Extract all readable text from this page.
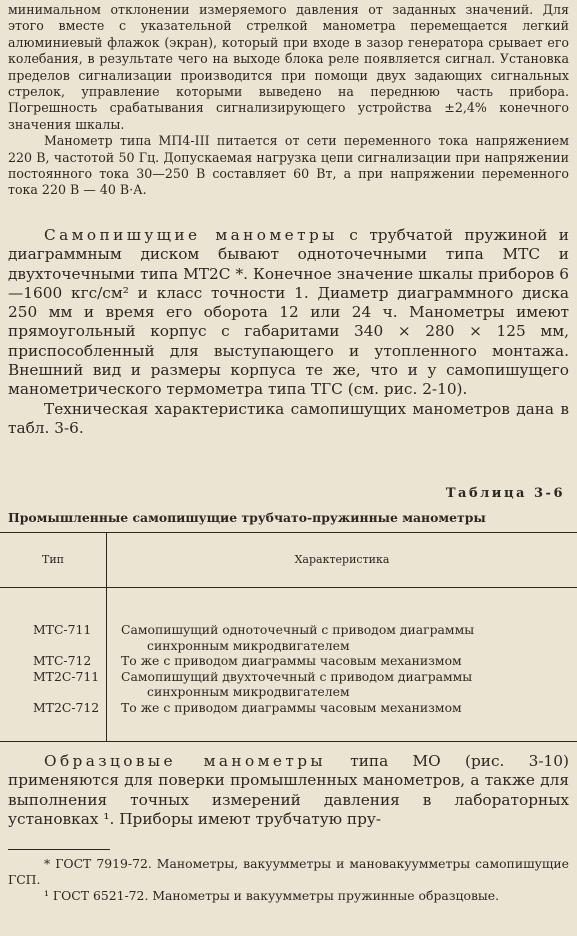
минимальном отклонении измеряемого давления от заданных значений. Для этого вместе с указательной стрелкой манометра перемещается легкий алюминиевый флажок (экран), который при входе в зазор генератора срывает его колебания, в результате чего на выходе блока реле появляется сигнал. Установка пределов сигнализации производится при помощи двух задающих сигнальных стрелок, управление которыми выведено на переднюю часть прибора. Погрешность срабатывания сигнализирующего устройства ±2,4% конечного значения шкалы.

Манометр типа МП4-III питается от сети переменного тока напряжением 220 В, частотой 50 Гц. Допускаемая нагрузка цепи сигнализации при напряжении постоянного тока 30—250 В составляет 60 Вт, а при напряжении переменного тока 220 В — 40 В·А.

Самопишущие манометры с трубчатой пружиной и диаграммным диском бывают одноточечными типа МТС и двухточечными типа МТ2С *. Конечное значение шкалы приборов 6—1600 кгс/см² и класс точности 1. Диаметр диаграммного диска 250 мм и время его оборота 12 или 24 ч. Манометры имеют прямоугольный корпус с габаритами 340 × 280 × 125 мм, приспособленный для выступающего и утопленного монтажа. Внешний вид и размеры корпуса те же, что и у самопишущего манометрического термометра типа ТГС (см. рис. 2-10).

Техническая характеристика самопишущих манометров дана в табл. 3-6.

Таблица 3-6
Промышленные самопишущие трубчато-пружинные манометры
Тип	Характеристика

МТС-711	Самопишущий одноточечный с приводом диаграммы
синхронным микродвигателем

МТС-712	То же с приводом диаграммы часовым механизмом

МТ2С-711	Самопишущий двухточечный с приводом диаграммы
синхронным микродвигателем

МТ2С-712	То же с приводом диаграммы часовым механизмом

Образцовые манометры типа МО (рис. 3-10) применяются для поверки промышленных манометров, а также для выполнения точных измерений давления в лабораторных установках ¹. Приборы имеют трубчатую пру-

* ГОСТ 7919-72. Манометры, вакуумметры и мановакуумметры самопишущие ГСП.

¹ ГОСТ 6521-72. Манометры и вакуумметры пружинные образцовые.
